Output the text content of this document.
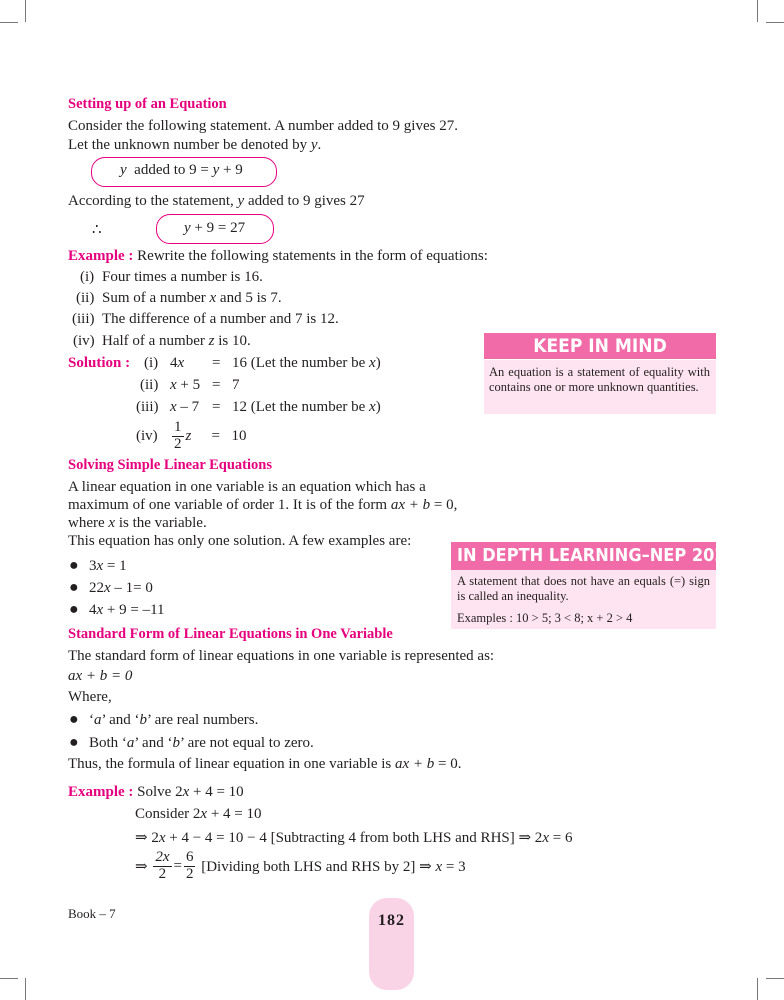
Setting up of an Equation
Consider the following statement. A number added to 9 gives 27.
Let the unknown number be denoted by y.
y added to 9 = y + 9
According to the statement, y added to 9 gives 27
∴	y + 9 = 27
Example : Rewrite the following statements in the form of equations:
(i) Four times a number is 16.
(ii) Sum of a number x and 5 is 7.
(iii) The difference of a number and 7 is 12.
(iv) Half of a number z is 10.
Solution : (i) 4x = 16 (Let the number be x)
(ii) x + 5 = 7
(iii) x – 7 = 12 (Let the number be x)
$(iv) \frac{1}{2}$ z = 10
KEEP IN MIND
An equation is a statement of equality with contains one or more unknown quantities.
Solving Simple Linear Equations
A linear equation in one variable is an equation which has a
maximum of one variable of order 1. It is of the form ax + b = 0,
where x is the variable.
This equation has only one solution. A few examples are:
● 3x = 1
● 22x – 1= 0
● 4x + 9 = –11
IN DEPTH LEARNING–NEP 2020
A statement that does not have an equals (=) sign is called an inequality.
Examples : 10 > 5; 3 < 8; x + 2 > 4
Standard Form of Linear Equations in One Variable
The standard form of linear equations in one variable is represented as:
ax + b = 0
Where,
● ‘a’ and ‘b’ are real numbers.
● Both ‘a’ and ‘b’ are not equal to zero.
Thus, the formula of linear equation in one variable is ax + b = 0.
Example : Solve 2x + 4 = 10
Consider 2x + 4 = 10
⇒ 2x + 4 − 4 = 10 − 4 [Subtracting 4 from both LHS and RHS] ⇒ 2x = 6
⇒ $\frac{2x}{2} = \frac{6}{2}$ [Dividing both LHS and RHS by 2] ⇒ x = 3
Book – 7	182
